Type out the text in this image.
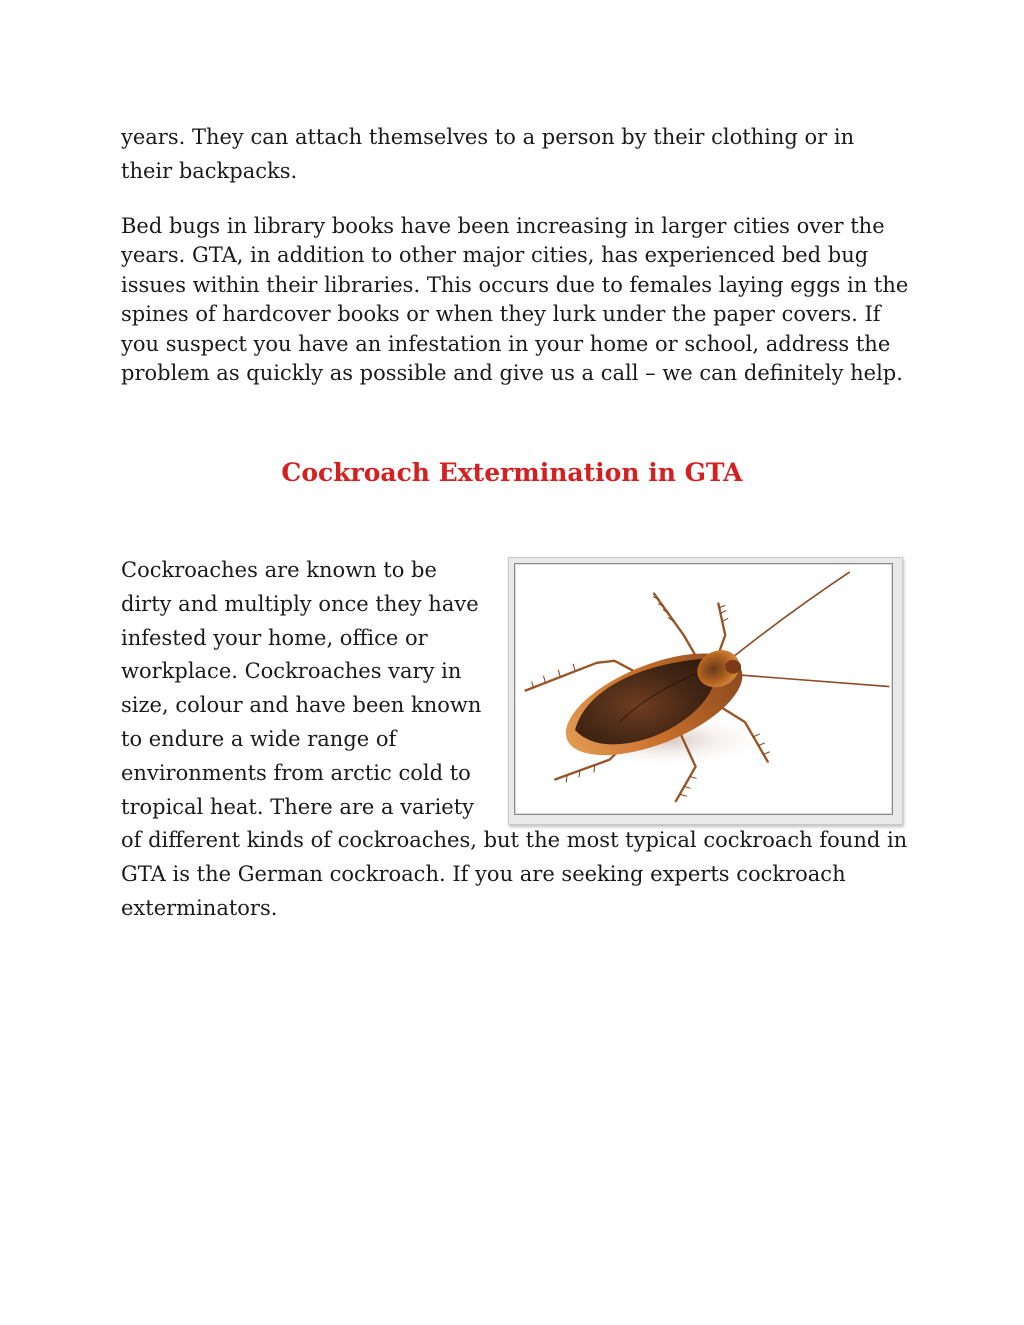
years. They can attach themselves to a person by their clothing or in
their backpacks.

Bed bugs in library books have been increasing in larger cities over the
years. GTA, in addition to other major cities, has experienced bed bug
issues within their libraries. This occurs due to females laying eggs in the
spines of hardcover books or when they lurk under the paper covers. If
you suspect you have an infestation in your home or school, address the
problem as quickly as possible and give us a call – we can definitely help.

Cockroach Extermination in GTA

Cockroaches are known to be
dirty and multiply once they have
infested your home, office or
workplace. Cockroaches vary in
size, colour and have been known
to endure a wide range of
environments from arctic cold to
tropical heat. There are a variety
of different kinds of cockroaches, but the most typical cockroach found in
GTA is the German cockroach. If you are seeking experts cockroach
exterminators.
